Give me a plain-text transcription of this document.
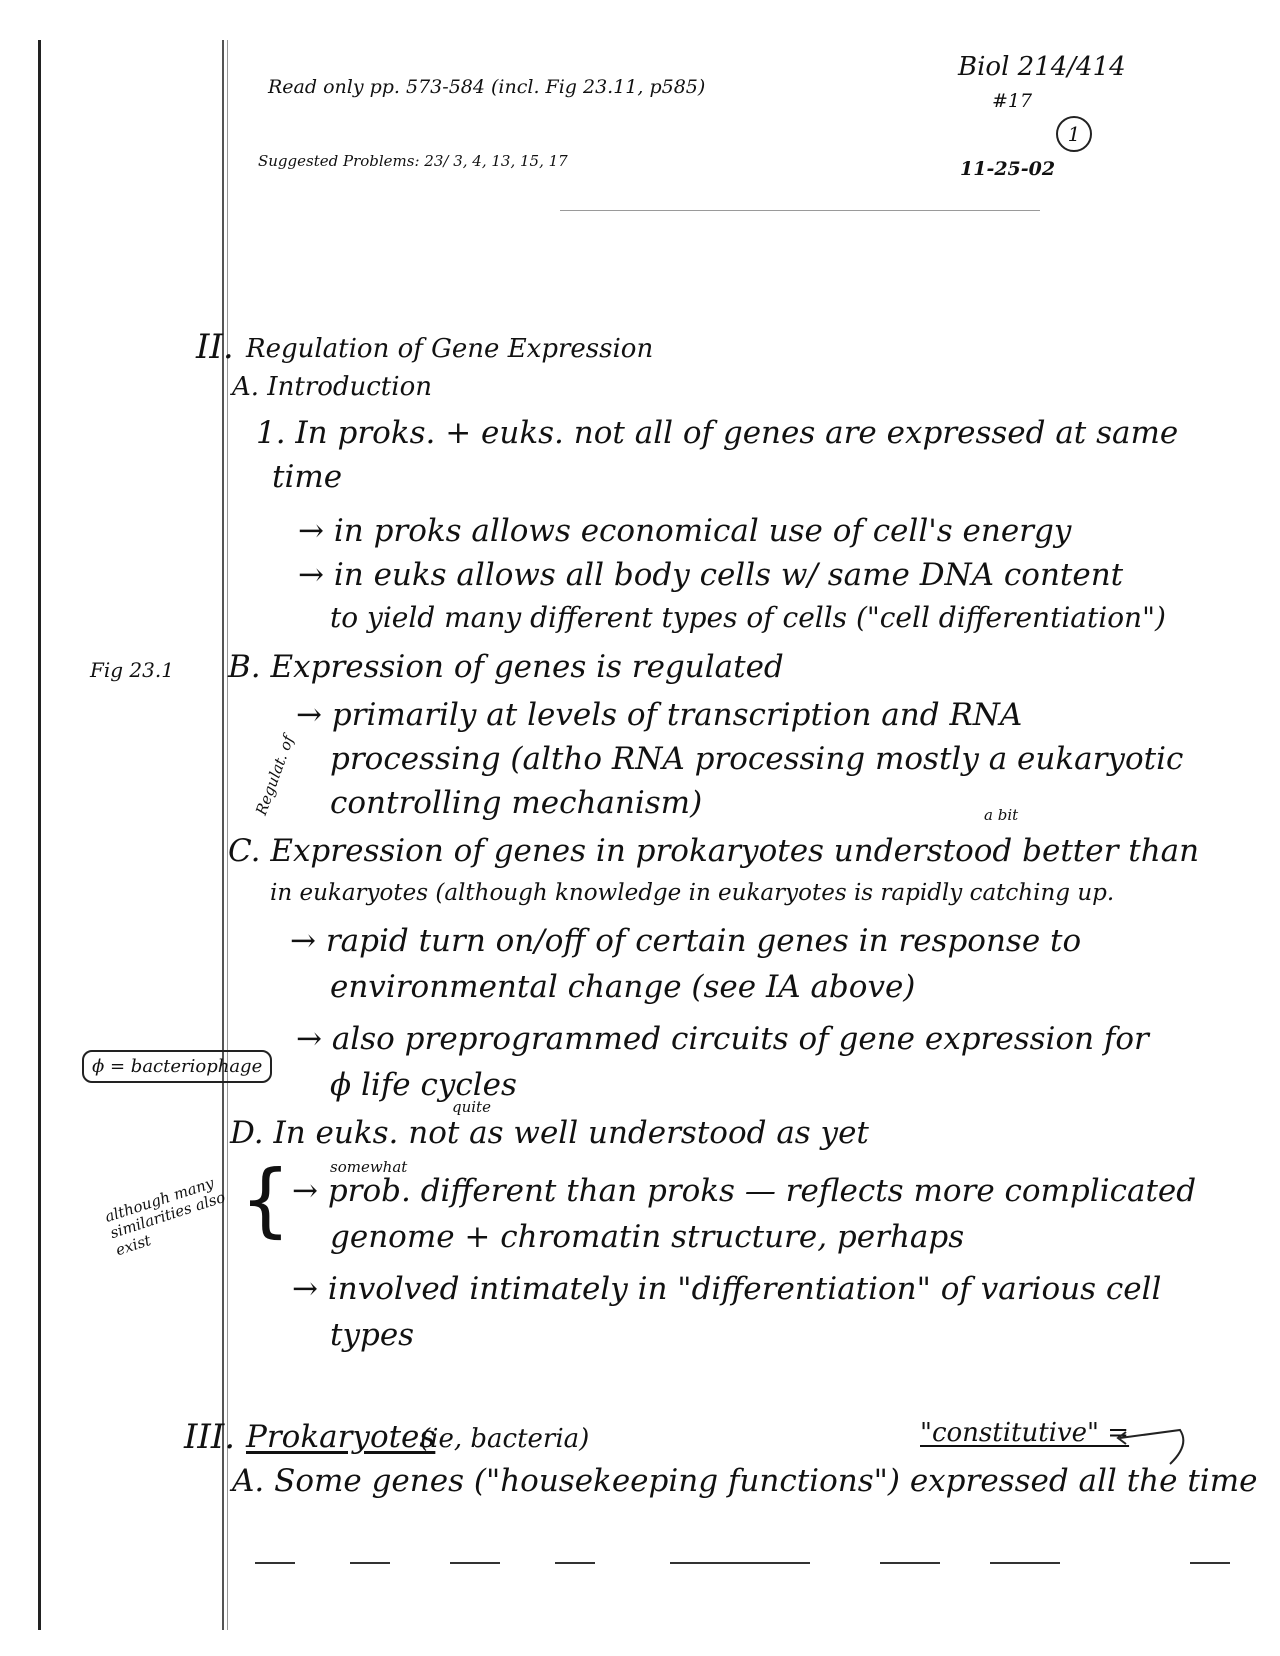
Read only pp. 573-584 (incl. Fig 23.11, p585)
Suggested Problems: 23/ 3, 4, 13, 15, 17
Biol 214/414
#17
1
11-25-02
II. Regulation of Gene Expression
A. Introduction
1. In proks. + euks. not all of genes are expressed at same
time
→ in proks allows economical use of cell's energy
→ in euks allows all body cells w/ same DNA content
to yield many different types of cells ("cell differentiation")
Fig 23.1 B. Expression of genes is regulated
→ primarily at levels of transcription and RNA
processing (altho RNA processing mostly a eukaryotic
controlling mechanism)
Regulat. of	a bit
C. Expression of genes in prokaryotes understood better than
in eukaryotes (although knowledge in eukaryotes is rapidly catching up.
→ rapid turn on/off of certain genes in response to
environmental change (see IA above)
→ also preprogrammed circuits of gene expression for
ϕ life cycles
ϕ = bacteriophage
quite
D. In euks. not as well understood as yet
somewhat
→ prob. different than proks — reflects more complicated
genome + chromatin structure, perhaps
→ involved intimately in "differentiation" of various cell
types
{
although many similarities also exist
III. Prokaryotes
(ie, bacteria)	"constitutive" =
A. Some genes ("housekeeping functions") expressed all the time
